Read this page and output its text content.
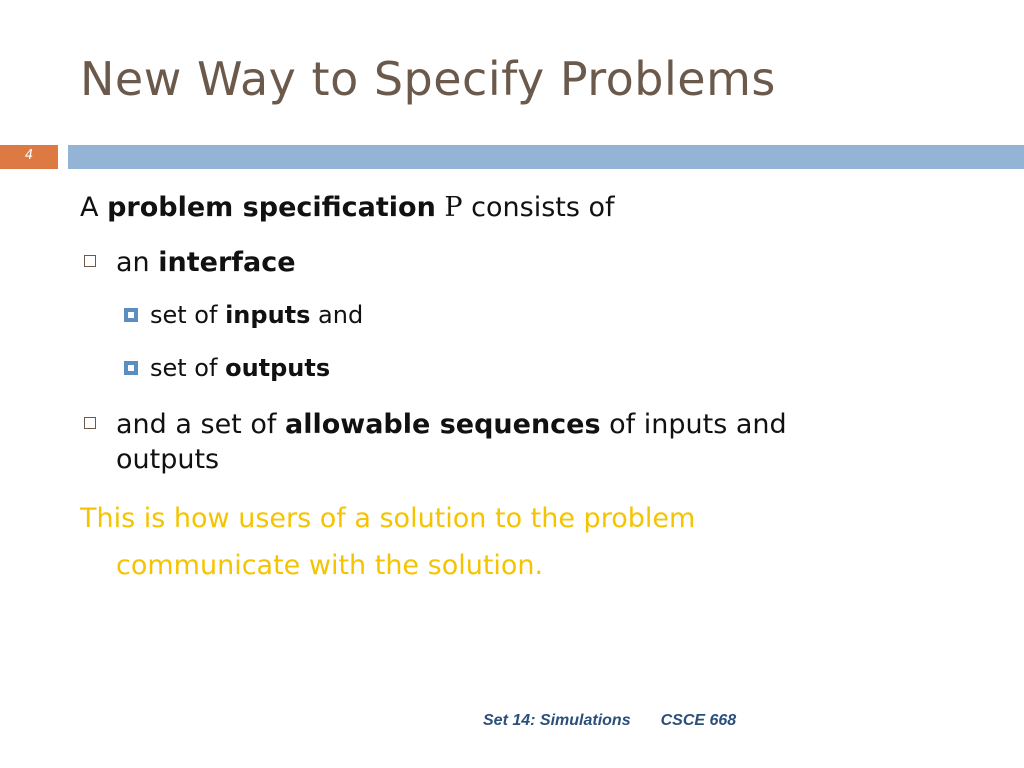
New Way to Specify Problems
4
A problem specification P consists of
an interface
set of inputs and
set of outputs
and a set of allowable sequences of inputs and
outputs
This is how users of a solution to the problem
communicate with the solution.
Set 14: Simulations CSCE 668
